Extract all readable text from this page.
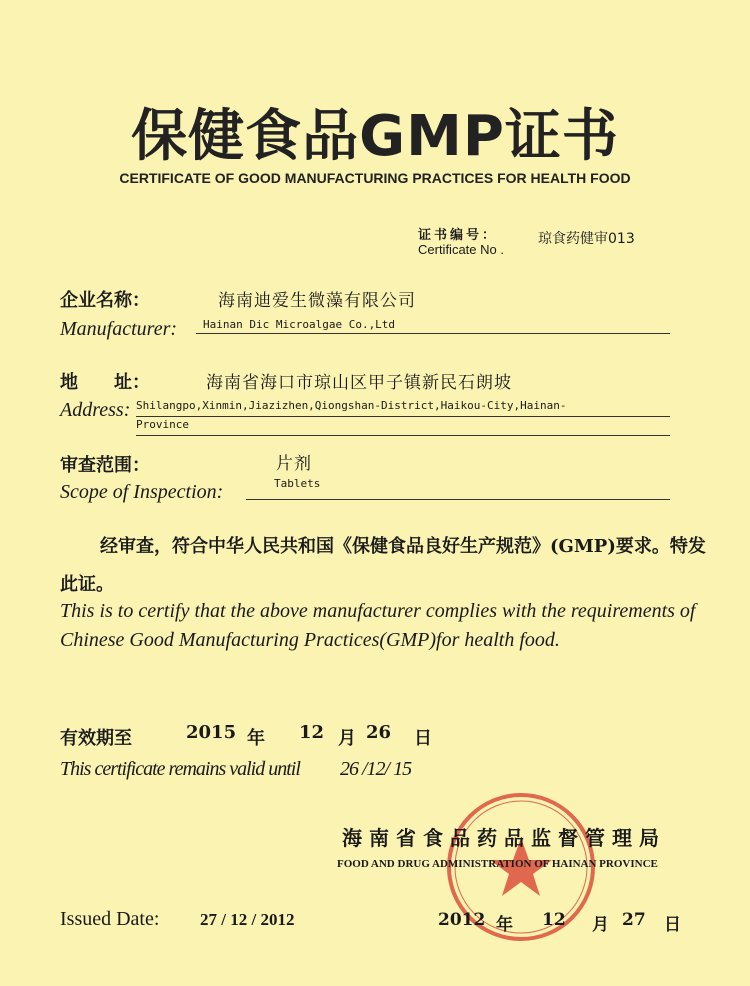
保健食品GMP证书
CERTIFICATE OF GOOD MANUFACTURING PRACTICES FOR HEALTH FOOD
证书编号：
Certificate No .
琼食药健审013
企业名称：	海南迪爱生微藻有限公司
Manufacturer: Hainan Dic Microalgae Co.,Ltd
地　　址：	海南省海口市琼山区甲子镇新民石朗坡
Address: Shilangpo,Xinmin,Jiazizhen,Qiongshan-District,Haikou-City,Hainan-
Province
审查范围：	片剂
Scope of Inspection:	Tablets
经审查，符合中华人民共和国《保健食品良好生产规范》(GMP)要求。特发此证。
This is to certify that the above manufacturer complies with the requirements of Chinese Good Manufacturing Practices(GMP)for health food.
有效期至	2015 年 12 月 26 日
This certificate remains valid until 26 /12/ 15
海南省食品药品监督管理局
FOOD AND DRUG ADMINISTRATION OF HAINAN PROVINCE
Issued Date: 27 / 12 / 2012	2012 年 12 月 27 日
